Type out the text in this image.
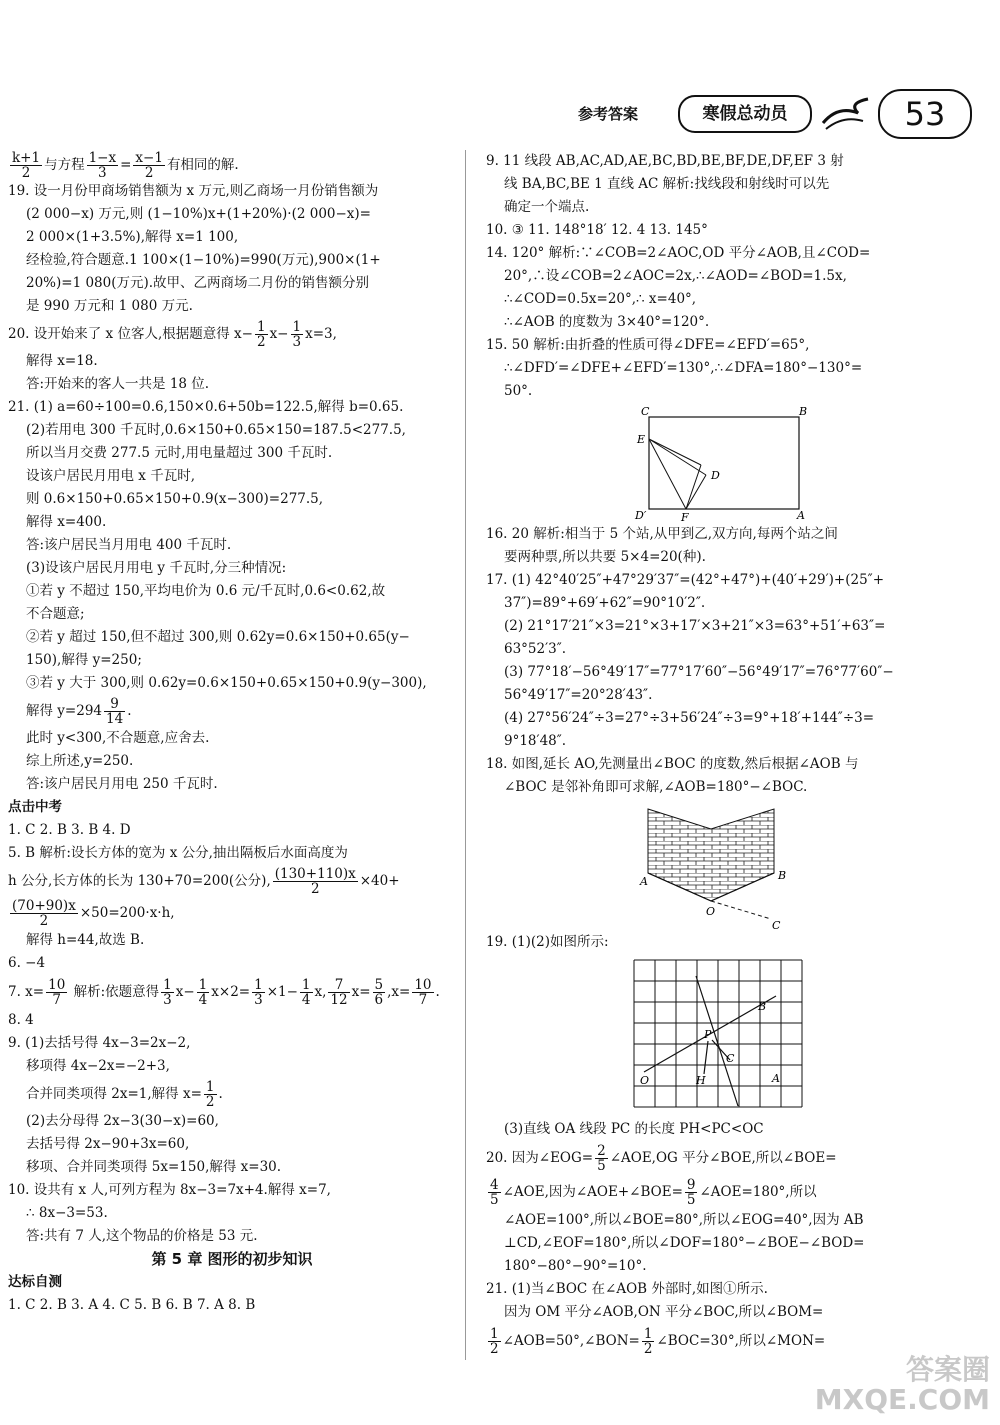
参考答案	寒假总动员	53
$\frac{k+1}{2}$ 与方程 $\frac{1-x}{3} = \frac{x-1}{2}$ 有相同的解.
19. 设一月份甲商场销售额为 x 万元,则乙商场一月份销售额为
(2 000−x) 万元,则 (1−10%)x+(1+20%)·(2 000−x)=
2 000×(1+3.5%),解得 x=1 100,
经检验,符合题意.1 100×(1−10%)=990(万元),900×(1+
20%)=1 080(万元).故甲、乙两商场二月份的销售额分别
是 990 万元和 1 080 万元.
20. 设开始来了 x 位客人,根据题意得 $x- \frac{1}{2} x- \frac{1}{3} x=3$,
解得 x=18.
答:开始来的客人一共是 18 位.
21. (1) a=60÷100=0.6,150×0.6+50b=122.5,解得 b=0.65.
(2)若用电 300 千瓦时,0.6×150+0.65×150=187.5<277.5,
所以当月交费 277.5 元时,用电量超过 300 千瓦时.
设该户居民月用电 x 千瓦时,
则 0.6×150+0.65×150+0.9(x−300)=277.5,
解得 x=400.
答:该户居民当月用电 400 千瓦时.
(3)设该户居民月用电 y 千瓦时,分三种情况:
①若 y 不超过 150,平均电价为 0.6 元/千瓦时,0.6<0.62,故
不合题意;
②若 y 超过 150,但不超过 300,则 0.62y=0.6×150+0.65(y−
150),解得 y=250;
③若 y 大于 300,则 0.62y=0.6×150+0.65×150+0.9(y−300),
解得 $y=294 \frac{9}{14}$ .
此时 y<300,不合题意,应舍去.
综上所述,y=250.
答:该户居民月用电 250 千瓦时.
点击中考
1. C 2. B 3. B 4. D
5. B 解析:设长方体的宽为 x 公分,抽出隔板后水面高度为
h 公分,长方体的长为 130+70=200(公分), $\frac{(130+110)x}{2} \times 40+$
$\frac{(70+90)x}{2} \times 50=200\cdot x\cdot h$,
解得 h=44,故选 B.
6. −4
7. $x= \frac{10}{7}$ 解析:依题意得 $\frac{1}{3} x- \frac{1}{4} x\times 2= \frac{1}{3} \times 1- \frac{1}{4} x$, $\frac{7}{12} x= \frac{5}{6} ,x= \frac{10}{7}$ .
8. 4
9. (1)去括号得 4x−3=2x−2,
移项得 4x−2x=−2+3,
合并同类项得 2x=1,解得 $x= \frac{1}{2}$ .
(2)去分母得 2x−3(30−x)=60,
去括号得 2x−90+3x=60,
移项、合并同类项得 5x=150,解得 x=30.
10. 设共有 x 人,可列方程为 8x−3=7x+4.解得 x=7,
∴ 8x−3=53.
答:共有 7 人,这个物品的价格是 53 元.
第 5 章 图形的初步知识
达标自测
1. C 2. B 3. A 4. C 5. B 6. B 7. A 8. B
9. 11 线段 AB,AC,AD,AE,BC,BD,BE,BF,DE,DF,EF 3 射
线 BA,BC,BE 1 直线 AC 解析:找线段和射线时可以先
确定一个端点.
10. ③ 11. 148°18′ 12. 4 13. 145°
14. 120° 解析:∵∠COB=2∠AOC,OD 平分∠AOB,且∠COD=
20°,∴设∠COB=2∠AOC=2x,∴∠AOD=∠BOD=1.5x,
∴∠COD=0.5x=20°,∴ x=40°,
∴∠AOB 的度数为 3×40°=120°.
15. 50 解析:由折叠的性质可得∠DFE=∠EFD′=65°,
∴∠DFD′=∠DFE+∠EFD′=130°,∴∠DFA=180°−130°=
50°.
C	B
E
D
D′	F	A
16. 20 解析:相当于 5 个站,从甲到乙,双方向,每两个站之间
要两种票,所以共要 5×4=20(种).
17. (1) 42°40′25″+47°29′37″=(42°+47°)+(40′+29′)+(25″+
37″)=89°+69′+62″=90°10′2″.
(2) 21°17′21″×3=21°×3+17′×3+21″×3=63°+51′+63″=
63°52′3″.
(3) 77°18′−56°49′17″=77°17′60″−56°49′17″=76°77′60″−
56°49′17″=20°28′43″.
(4) 27°56′24″÷3=27°÷3+56′24″÷3=9°+18′+144″÷3=
9°18′48″.
18. 如图,延长 AO,先测量出∠BOC 的度数,然后根据∠AOB 与
∠BOC 是邻补角即可求解,∠AOB=180°−∠BOC.
A	B
O
C
19. (1)(2)如图所示:
B
P
C
O	H	A
(3)直线 OA 线段 PC 的长度 PH<PC<OC
20. 因为∠EOG= $\frac{2}{5}$ ∠AOE,OG 平分∠BOE,所以∠BOE=
$\frac{4}{5}$ ∠AOE,因为∠AOE+∠BOE= $\frac{9}{5}$ ∠AOE=180°,所以
∠AOE=100°,所以∠BOE=80°,所以∠EOG=40°,因为 AB
⊥CD,∠EOF=180°,所以∠DOF=180°−∠BOE−∠BOD=
180°−80°−90°=10°.
21. (1)当∠BOC 在∠AOB 外部时,如图①所示.
因为 OM 平分∠AOB,ON 平分∠BOC,所以∠BOM=
$\frac{1}{2}$ ∠AOB=50°,∠BON= $\frac{1}{2}$ ∠BOC=30°,所以∠MON=
答案圈
MXQE.COM
